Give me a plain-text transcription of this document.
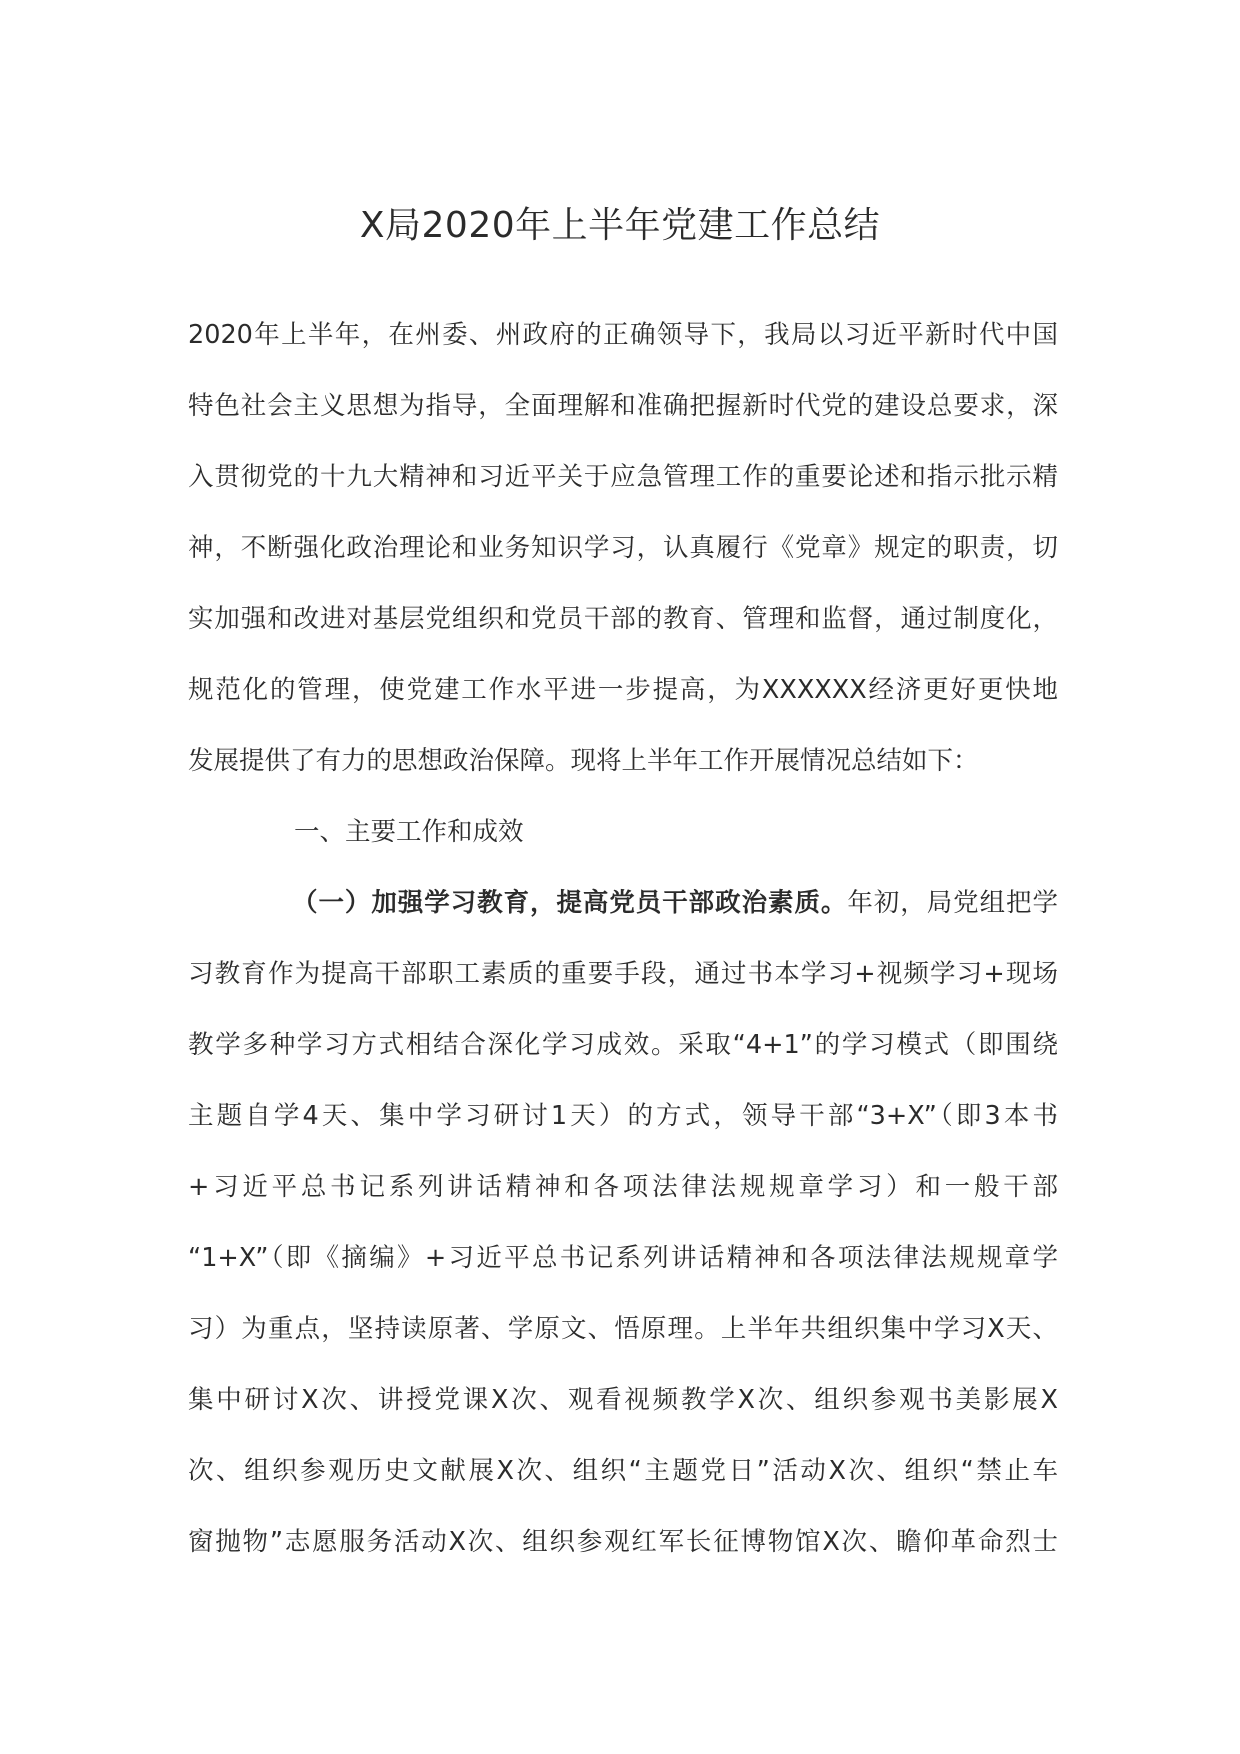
X局2020年上半年党建工作总结
2020年上半年，在州委、州政府的正确领导下，我局以习近平新时代中国
特色社会主义思想为指导，全面理解和准确把握新时代党的建设总要求，深
入贯彻党的十九大精神和习近平关于应急管理工作的重要论述和指示批示精
神，不断强化政治理论和业务知识学习，认真履行《党章》规定的职责，切
实加强和改进对基层党组织和党员干部的教育、管理和监督，通过制度化，
规范化的管理，使党建工作水平进一步提高，为XXXXXX经济更好更快地
发展提供了有力的思想政治保障。现将上半年工作开展情况总结如下：
一、主要工作和成效
（一）加强学习教育，提高党员干部政治素质。年初，局党组把学
习教育作为提高干部职工素质的重要手段，通过书本学习+视频学习+现场
教学多种学习方式相结合深化学习成效。采取“4+1”的学习模式（即围绕
主题自学4天、集中学习研讨1天）的方式，领导干部“3+X”（即3本书
+习近平总书记系列讲话精神和各项法律法规规章学习）和一般干部
“1+X”（即《摘编》+习近平总书记系列讲话精神和各项法律法规规章学
习）为重点，坚持读原著、学原文、悟原理。上半年共组织集中学习X天、
集中研讨X次、讲授党课X次、观看视频教学X次、组织参观书美影展X
次、组织参观历史文献展X次、组织“主题党日”活动X次、组织“禁止车
窗抛物”志愿服务活动X次、组织参观红军长征博物馆X次、瞻仰革命烈士
